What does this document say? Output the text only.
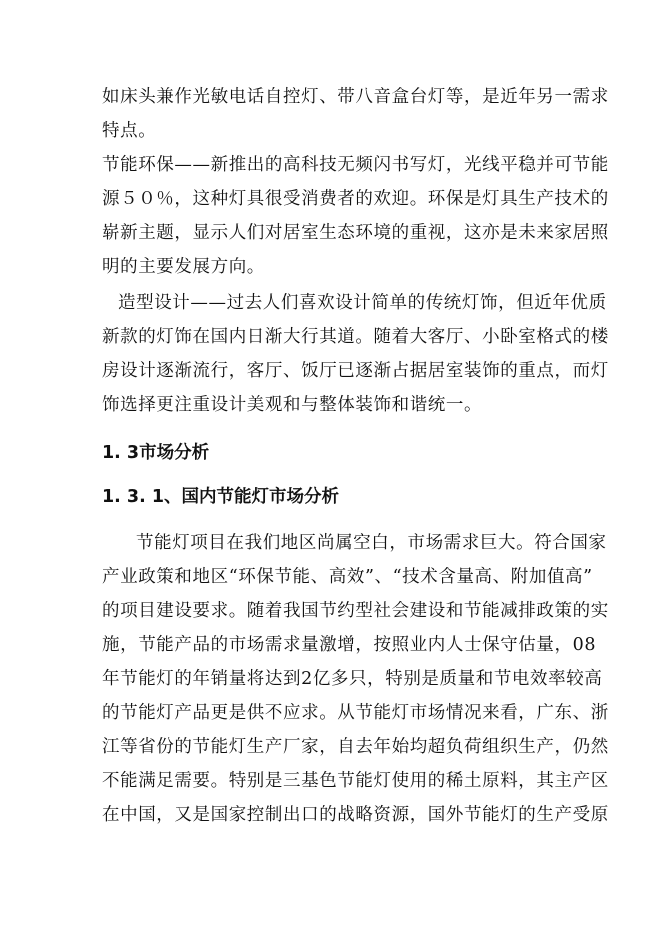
如床头兼作光敏电话自控灯、带八音盒台灯等，是近年另一需求
特点。
节能环保——新推出的高科技无频闪书写灯，光线平稳并可节能
源５０％，这种灯具很受消费者的欢迎。环保是灯具生产技术的
崭新主题，显示人们对居室生态环境的重视，这亦是未来家居照
明的主要发展方向。
造型设计——过去人们喜欢设计简单的传统灯饰，但近年优质
新款的灯饰在国内日渐大行其道。随着大客厅、小卧室格式的楼
房设计逐渐流行，客厅、饭厅已逐渐占据居室装饰的重点，而灯
饰选择更注重设计美观和与整体装饰和谐统一。
1. 3市场分析
1. 3. 1、国内节能灯市场分析
节能灯项目在我们地区尚属空白，市场需求巨大。符合国家
产业政策和地区“环保节能、高效”、“技术含量高、附加值高”
的项目建设要求。随着我国节约型社会建设和节能减排政策的实
施，节能产品的市场需求量激增，按照业内人士保守估量，08
年节能灯的年销量将达到2亿多只，特别是质量和节电效率较高
的节能灯产品更是供不应求。从节能灯市场情况来看，广东、浙
江等省份的节能灯生产厂家，自去年始均超负荷组织生产，仍然
不能满足需要。特别是三基色节能灯使用的稀土原料，其主产区
在中国，又是国家控制出口的战略资源，国外节能灯的生产受原
